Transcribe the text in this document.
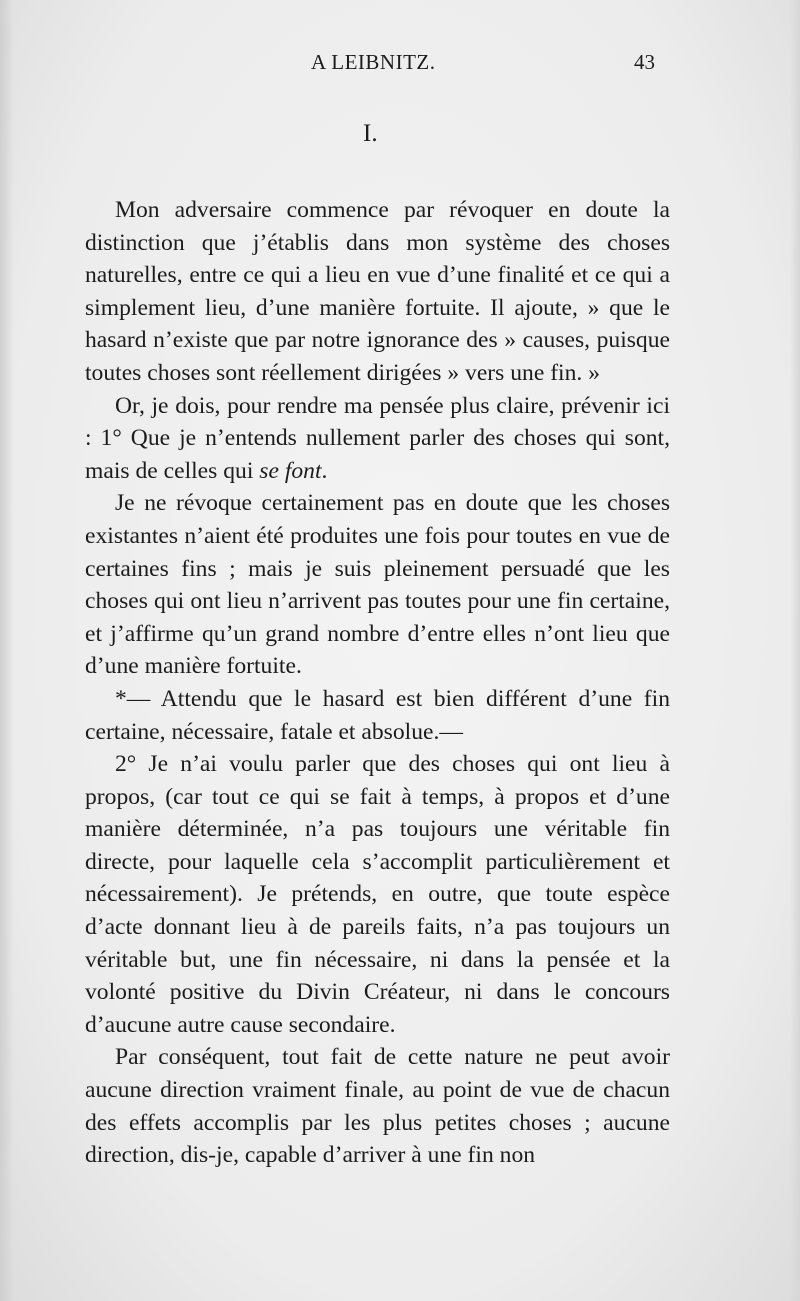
A LEIBNITZ.	43
I.

Mon adversaire commence par révoquer en doute la distinction que j’établis dans mon système des choses naturelles, entre ce qui a lieu en vue d’une finalité et ce qui a simplement lieu, d’une manière fortuite. Il ajoute, » que le hasard n’existe que par notre ignorance des » causes, puisque toutes choses sont réellement dirigées » vers une fin. »

Or, je dois, pour rendre ma pensée plus claire, prévenir ici : 1° Que je n’entends nullement parler des choses qui sont, mais de celles qui se font.

Je ne révoque certainement pas en doute que les choses existantes n’aient été produites une fois pour toutes en vue de certaines fins ; mais je suis pleinement persuadé que les choses qui ont lieu n’arrivent pas toutes pour une fin certaine, et j’affirme qu’un grand nombre d’entre elles n’ont lieu que d’une manière fortuite.

*— Attendu que le hasard est bien différent d’une fin certaine, nécessaire, fatale et absolue.—

2° Je n’ai voulu parler que des choses qui ont lieu à propos, (car tout ce qui se fait à temps, à propos et d’une manière déterminée, n’a pas toujours une véritable fin directe, pour laquelle cela s’accomplit particulièrement et nécessairement). Je prétends, en outre, que toute espèce d’acte donnant lieu à de pareils faits, n’a pas toujours un véritable but, une fin nécessaire, ni dans la pensée et la volonté positive du Divin Créateur, ni dans le concours d’aucune autre cause secondaire.

Par conséquent, tout fait de cette nature ne peut avoir aucune direction vraiment finale, au point de vue de chacun des effets accomplis par les plus petites choses ; aucune direction, dis-je, capable d’arriver à une fin non
